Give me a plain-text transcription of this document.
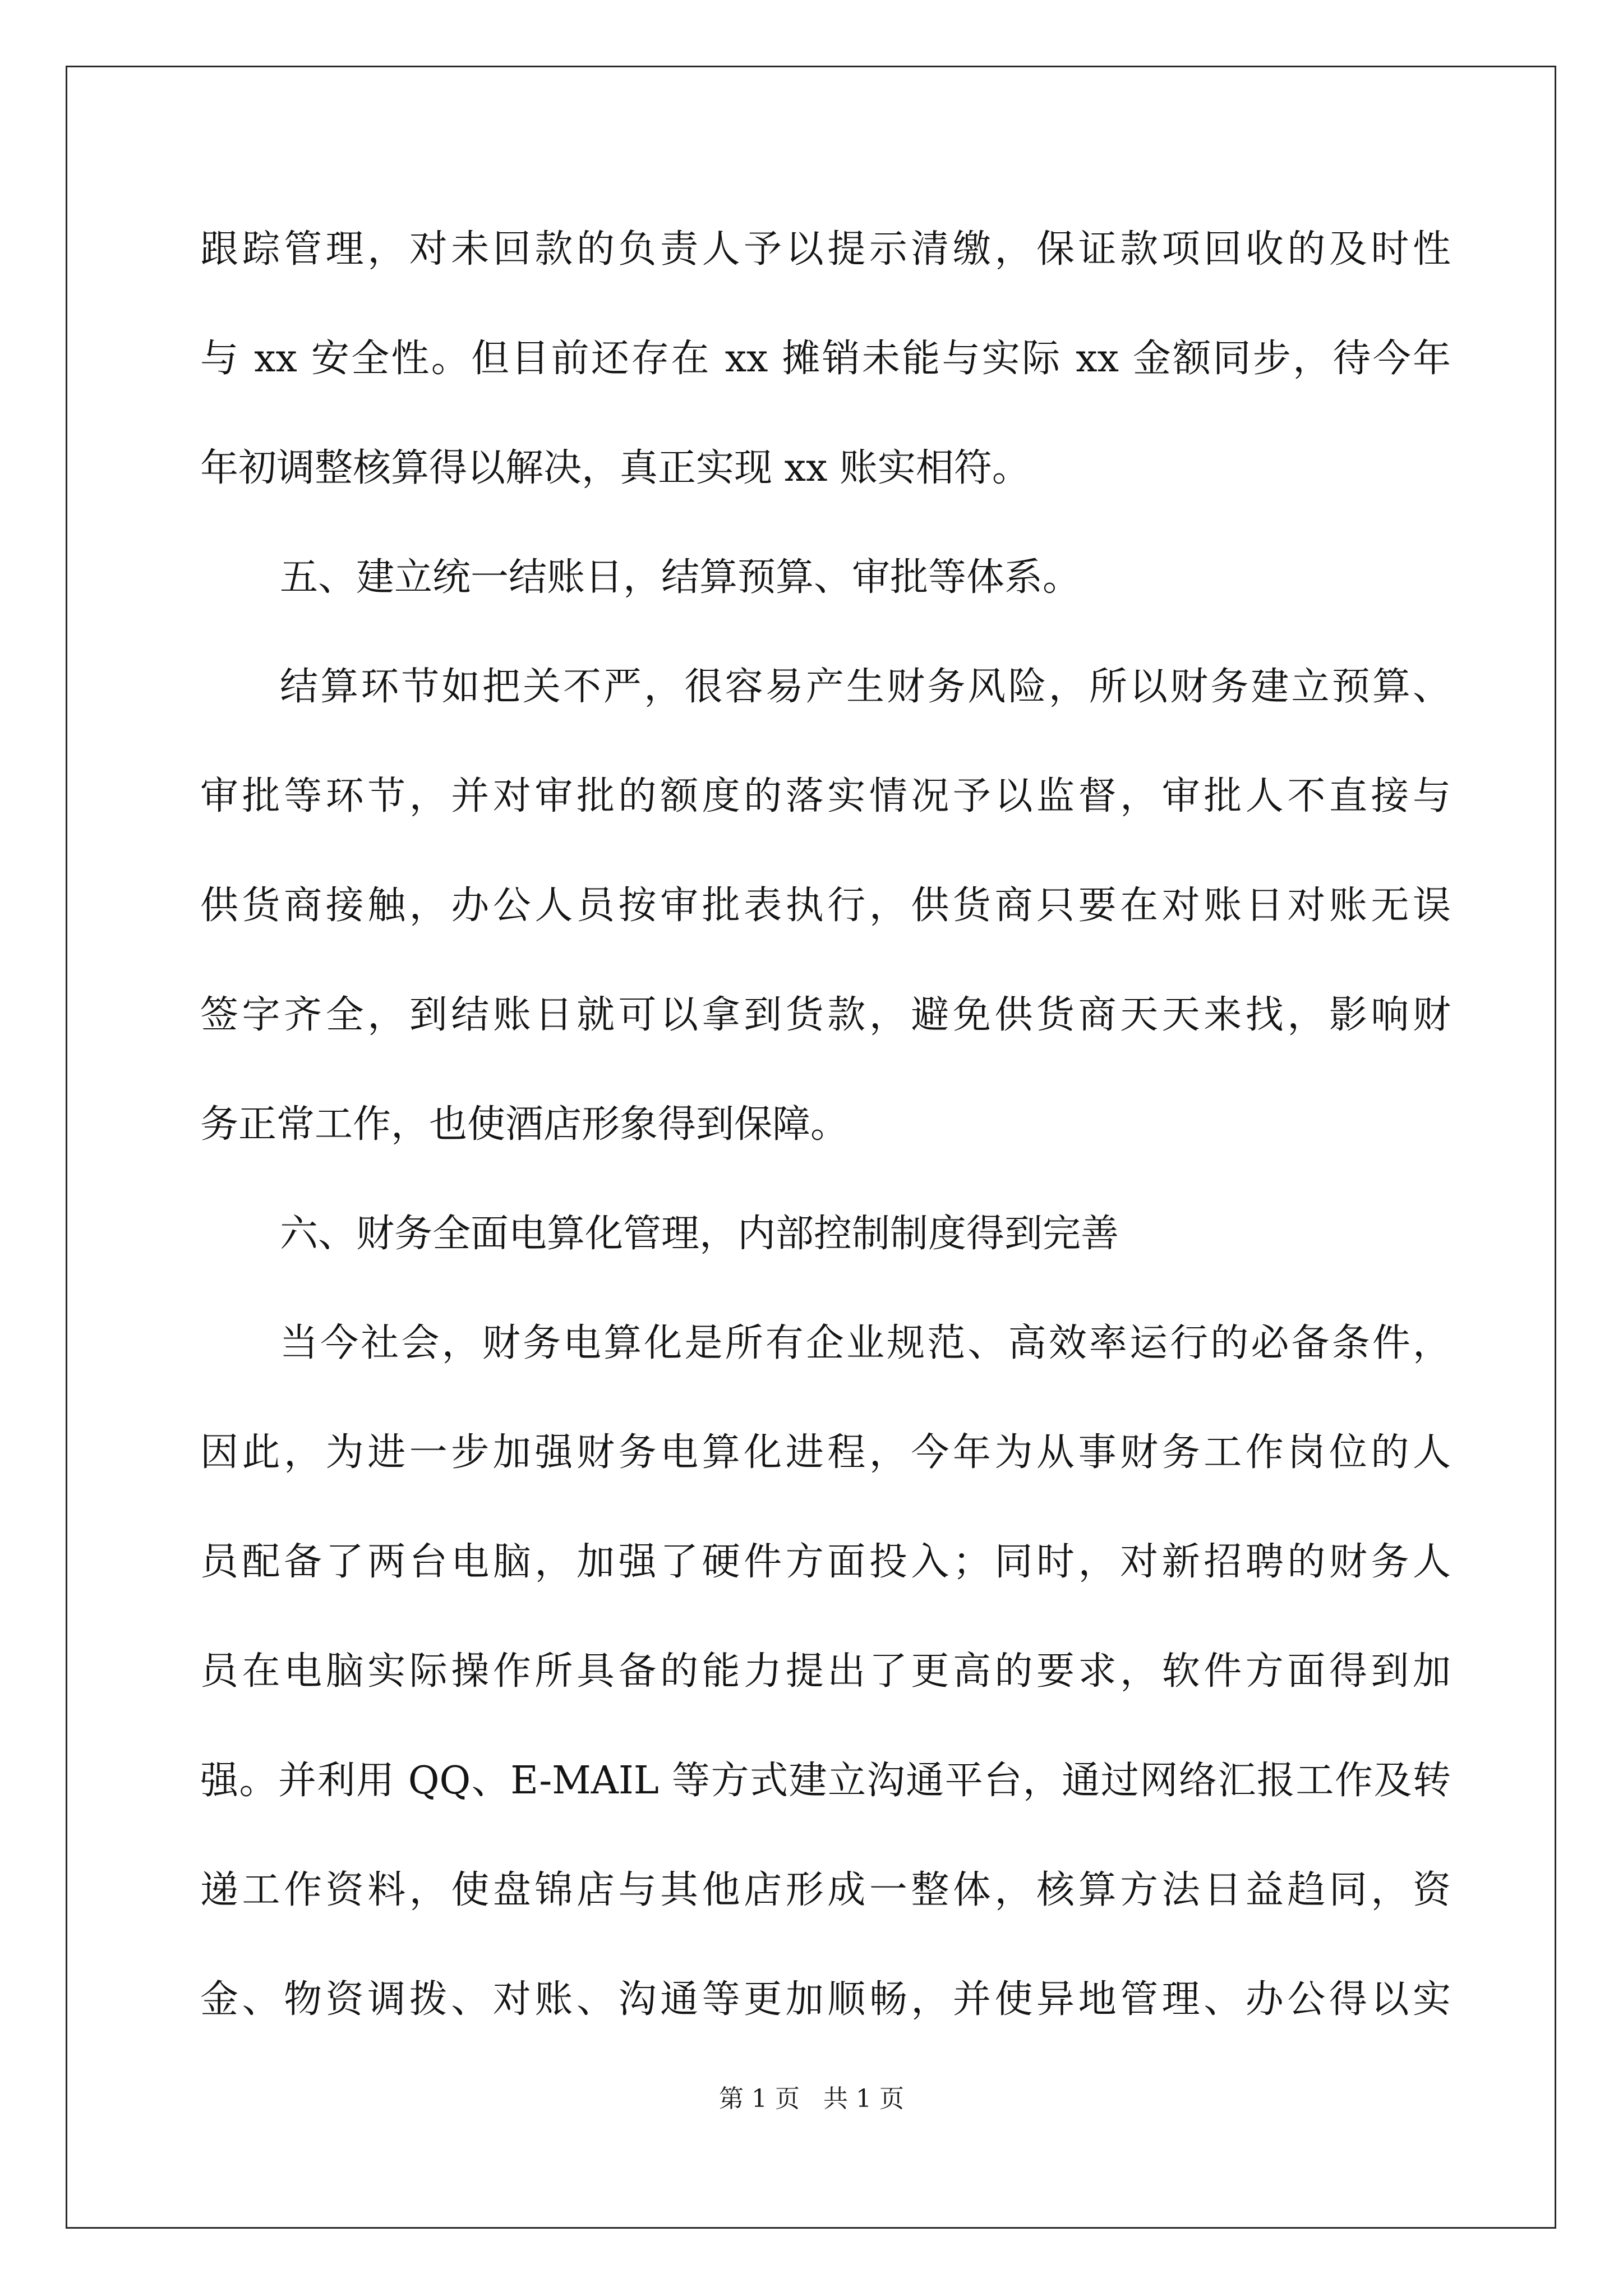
跟踪管理，对未回款的负责人予以提示清缴，保证款项回收的及时性
与 xx 安全性。但目前还存在 xx 摊销未能与实际 xx 金额同步，待今年
年初调整核算得以解决，真正实现 xx 账实相符。
五、建立统一结账日，结算预算、审批等体系。
结算环节如把关不严，很容易产生财务风险，所以财务建立预算、
审批等环节，并对审批的额度的落实情况予以监督，审批人不直接与
供货商接触，办公人员按审批表执行，供货商只要在对账日对账无误
签字齐全，到结账日就可以拿到货款，避免供货商天天来找，影响财
务正常工作，也使酒店形象得到保障。
六、财务全面电算化管理，内部控制制度得到完善
当今社会，财务电算化是所有企业规范、高效率运行的必备条件，
因此，为进一步加强财务电算化进程，今年为从事财务工作岗位的人
员配备了两台电脑，加强了硬件方面投入；同时，对新招聘的财务人
员在电脑实际操作所具备的能力提出了更高的要求，软件方面得到加
强。并利用 QQ、E-MAIL 等方式建立沟通平台，通过网络汇报工作及转
递工作资料，使盘锦店与其他店形成一整体，核算方法日益趋同，资
金、物资调拨、对账、沟通等更加顺畅，并使异地管理、办公得以实
第 1 页   共 1 页
